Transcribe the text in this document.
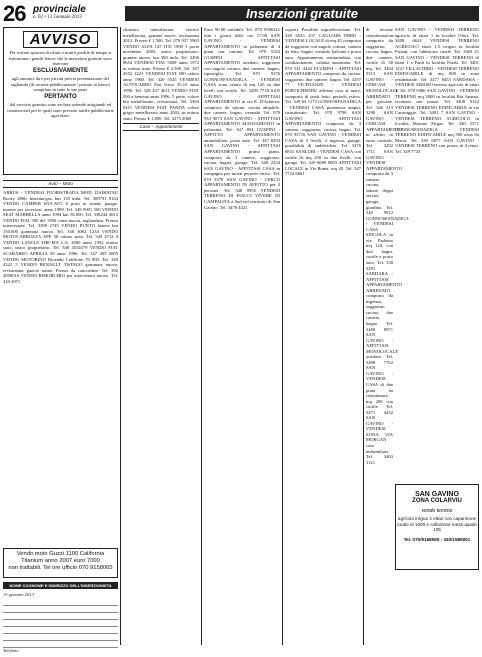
26 provinciale
n. 02 • 13 Gennaio 2013	Inserzioni gratuite
AVVISO
Per evitare spiacevoli rifiuti e inutili perdite di tempo si informano i gentili lettori che le inserzioni gratuite sono riservate
ESCLUSIVAMENTE
agli annunci da e per privati previa presentazione del tagliando (di recente pubblicazione / portato in basso) compilato in tutte le sue parti.
PERTANTO
dal servizio gratuito sono escluse aziende artigianali ed commerciali per le quali sono previste tariffe pubblicitarie agevolate.
Auto – Moto

ARBUS - VENDESI FUORISTRADA MOD. DAIHATSU Rocky 2800, benzina/gas, km 150 mila. Tel. 389791 0144 VENDO CAMPER DUCATO 6 posti in strada, garage, motore per accessori, anno 1989. Tel. 349 9901 500 VENDO SEAT MARBELLA anno 1994 km 56.000. Tel. 338244 4613 VENDO FIAT 500 del 1996 come nuova, tagliandata. Prezzo interessante. Tel. 3398 2745 VENDO PUNTO bianca km 150.000 gommata nuova. Tel. 338 3062 1234 VENDO MOTOCARROZZA APE 50 ottimo stato. Tel. 349 4712 0 VENDO LANCIA THE-MA L.S. 2000 anno 1992 ottimo stato, unico proprietario. Tel. 348 4534379 VENDO FIAT SCARABEO APRILIA 50 anno 1996. Tel. 347 495 5005 VENDO MOTORINO Ricambi Califfone 70 900. Tel. 340 4522 5 VENDO RENAULT TWINGO gommata nuova, revisionata, gancio traino. Prezzo da concordare. Tel. 392 4990016 VENDO RIMORCHIO per autovettura nuovo. Tel. 320 4971

chiusura centralizzata, vernice metallizzata, gomme nuove, revisionata 2012. Prezzo € 1.500. Tel. 070 937 5963 VENDO ALFA 147 JTD 1900 5 porte novembre 2003, unico proprietario, gomme nuove, km 300 mila. Tel. 3496 8654 VENDESI FIAT 500F anno 1972 in ottimo stato. Prezzo € 2.500. Tel. 347 4552 2221 VENDESI FIAT 500 cabrio anno 1960. Tel. 329 5545 VENDESI AUTOCARRO Fiat Iveco 35.10 anno 1990. Tel. 328 437 4011 VENDO FIAT 500 a benzina anno 1996, 5 porte, colore blu metallizzato, revisionata. Tel. 3494 0411 VENDESI FIAT PANDA colore grigio metallizzato anno 2002, in ottimo stato. Prezzo € 1.800. Tel. 3275 2060

Case – Appartamenti

Euro 90.00 trattabili. Tel. 070 9386341 tutti i giorni dalle ore 17.00 SAN GAVINO - VENDESI APPARTAMENTO in palazzina di 4 piani con cantina. Tel. 070 5543 GUSPINI - AFFITTASI APPARTAMENTO arredato, soggiorno con angolo cottura, due camere, bagno, ripostiglio. Tel. 070 9376 GONNOSFANADIGA - VENDESI CASA zona centro di mq 120 su due livelli con cortile. Tel. 3299 7718 SAN GAVINO - AFFITTASI APPARTAMENTO in via E. D'Arborea, composto da salone, cucina abitabile, due camere, bagno, veranda. Tel. 070 933 9073 SAN GAVINO - AFFITTASI APPARTAMENTO MANSARDATO in palazzina. Tel. 347 854 GUSPINI - AFFITTO APPARTAMENTO ammobiliato, posto auto. Tel. 347 8293 SAN GAVINO - AFFITTASI APPARTAMENTO primo piano, composto da 3 camere, soggiorno, cucina, bagno, garage. Tel. 348 2234 SAN GAVINO - AFFITTASI CASA in campagna per turisti periodo estivo. Tel. 070 9378 SAN GAVINO - CERCO APPARTAMENTO IN AFFITTO per 3 persone. Tel. 348 9955 VENDESI TERRENO DI PIACCI VIVERE IN CAMPAGNA a Sud nel territorio di San Gavino. Tel. 3478 4421

coperti. Possibile sopraelevazione. Tel. 320 6543 237 CAGLIARI PIRRI - VENDESI LOCALE di mq 45 composto da soggiorno con angolo cottura, camera da letto, bagno, veranda, balcone e posto auto. Appartamento semiarredato, con condizionatore, caldaia autonoma. Tel. 070 541 4444 FLUMINI - AFFITTASI APPARTAMENTO composto da cucina, soggiorno, due camere, bagno. Tel. 3297 77 VICENANZE - VENDESI PORTICHEDDU affittasi casa al mare, composta di posti letto, periodo estivo. Tel. 349 64 1173 GONNOSFANADIGA - VENDESI CASA pianoterra ampio, ristrutturato. Tel. 070 9796 SAN GAVINO - AFFITTASI APPARTAMENTO composto da 3 camere, soggiorno, cucina, bagno. Tel. 070 93716 SAN GAVINO - VENDESI CASA di 3 livelli, 2 ingressi, garage, possibilità di suddividere. Tel. 3476 8831 SANLURI - VENDESI CASA con cortile di mq 250 su due livelli, con garage. Tel. 320 6689 9003 AFFITTASI LOCALE in Via Roma, mq 45. Tel. 347 7724 6661

di recente ristrutturazione composto da soggiorno, cucina, bagno, due camere, cortile di 30 mq. Tel. 3494 5513 SAN GAVINO - CERCASI MONOLOCALE ARREDATO per giovane. Tel. 346 313 3290 SAN GAVINO - CERCASI APPARTAMENTO in affitto, in zona centrale. Tel. 3292 1711 SAN GAVINO - VENDESI APPARTAMENTO composto da 3 camere, cucina, salone, doppi servizi, garage, giardino. Tel. 340 9912 GONNOSFANADIGA - VENDESI CASA SINGOLA in via Paderno mq 120, con due bagni, cortile e posto auto. Tel. 338 3291 SARDARA - AFFITTASI APPARTAMENTO ARREDATO composto da ingresso, soggiorno, cucina, due camere, bagno. Tel. 3468 8971 SAN GAVINO - AFFITTASI MONOLOCALE arredato. Tel. 3408 7762 SAN GAVINO - VENDESI CASA di due piani da ristrutturare, mq 200 con cortile. Tel. 3471 4432 SAN GAVINO - VENDESI ZONA VIA MORGAN casa unifamiliare. Tel. 3403 1121

SAN GAVINO - VENDESI TERRENO agricolo di ettari 1 in località Oliva. Tel. 3408 6624 VENDESI TERRENO AGRICOLO ettari 1.5 irriguo in località Fizzau, con fabbricato rurale. Tel. 3469 21 SAN GAVINO - VENDESI TERRENO di ettari 1 a Pauli in località Pardu. Tel. 3401 1221 VILLACIDRO - VENDESI TERRENO EDIFICABILE di mq 800 in zona residenziale. Tel. 3477 8453 SARDARA - VENDESI ARIOSO terreno agricolo di ettari 3. Tel. 070 9386 SAN GAVINO - VENDESI TERRENO mq 3000 in località Riu Sparau, recintato con pozzo. Tel. 3408 9122 VENDESI TERRENO EDIFICABILE in via Caravaggio. Tel. 3491 7 SAN GAVINO - VENDESI TERRENO AGRICOLO in località Masone Prigas. Tel. 340 5571 GONNOSFANADIGA - VENDESI TERRENO EDIFICABILE mq 500 zona Sa Marra. Tel. 349 6877 SAN GAVINO - VENDESI TERRENO con pozzo di 4 ettari. Tel. 349 7733

SAN GAVINO
ZONA COLARVIU
vendo terreno
agricolo irriguo 2 ettari con capannone rurale di 1500 e collazione mesti quadri 105
Tel. 070/9158065 - 340/1585001
Vendo moto Guzzi 1100 California
Titanium anno 2007 euro 7000
non trattabili. Tel ore ufficio 070 9158065
NOME COGNOME E INDIRIZZO DELL'INSERZIONISTA
13 gennaio 2013
Telefono
